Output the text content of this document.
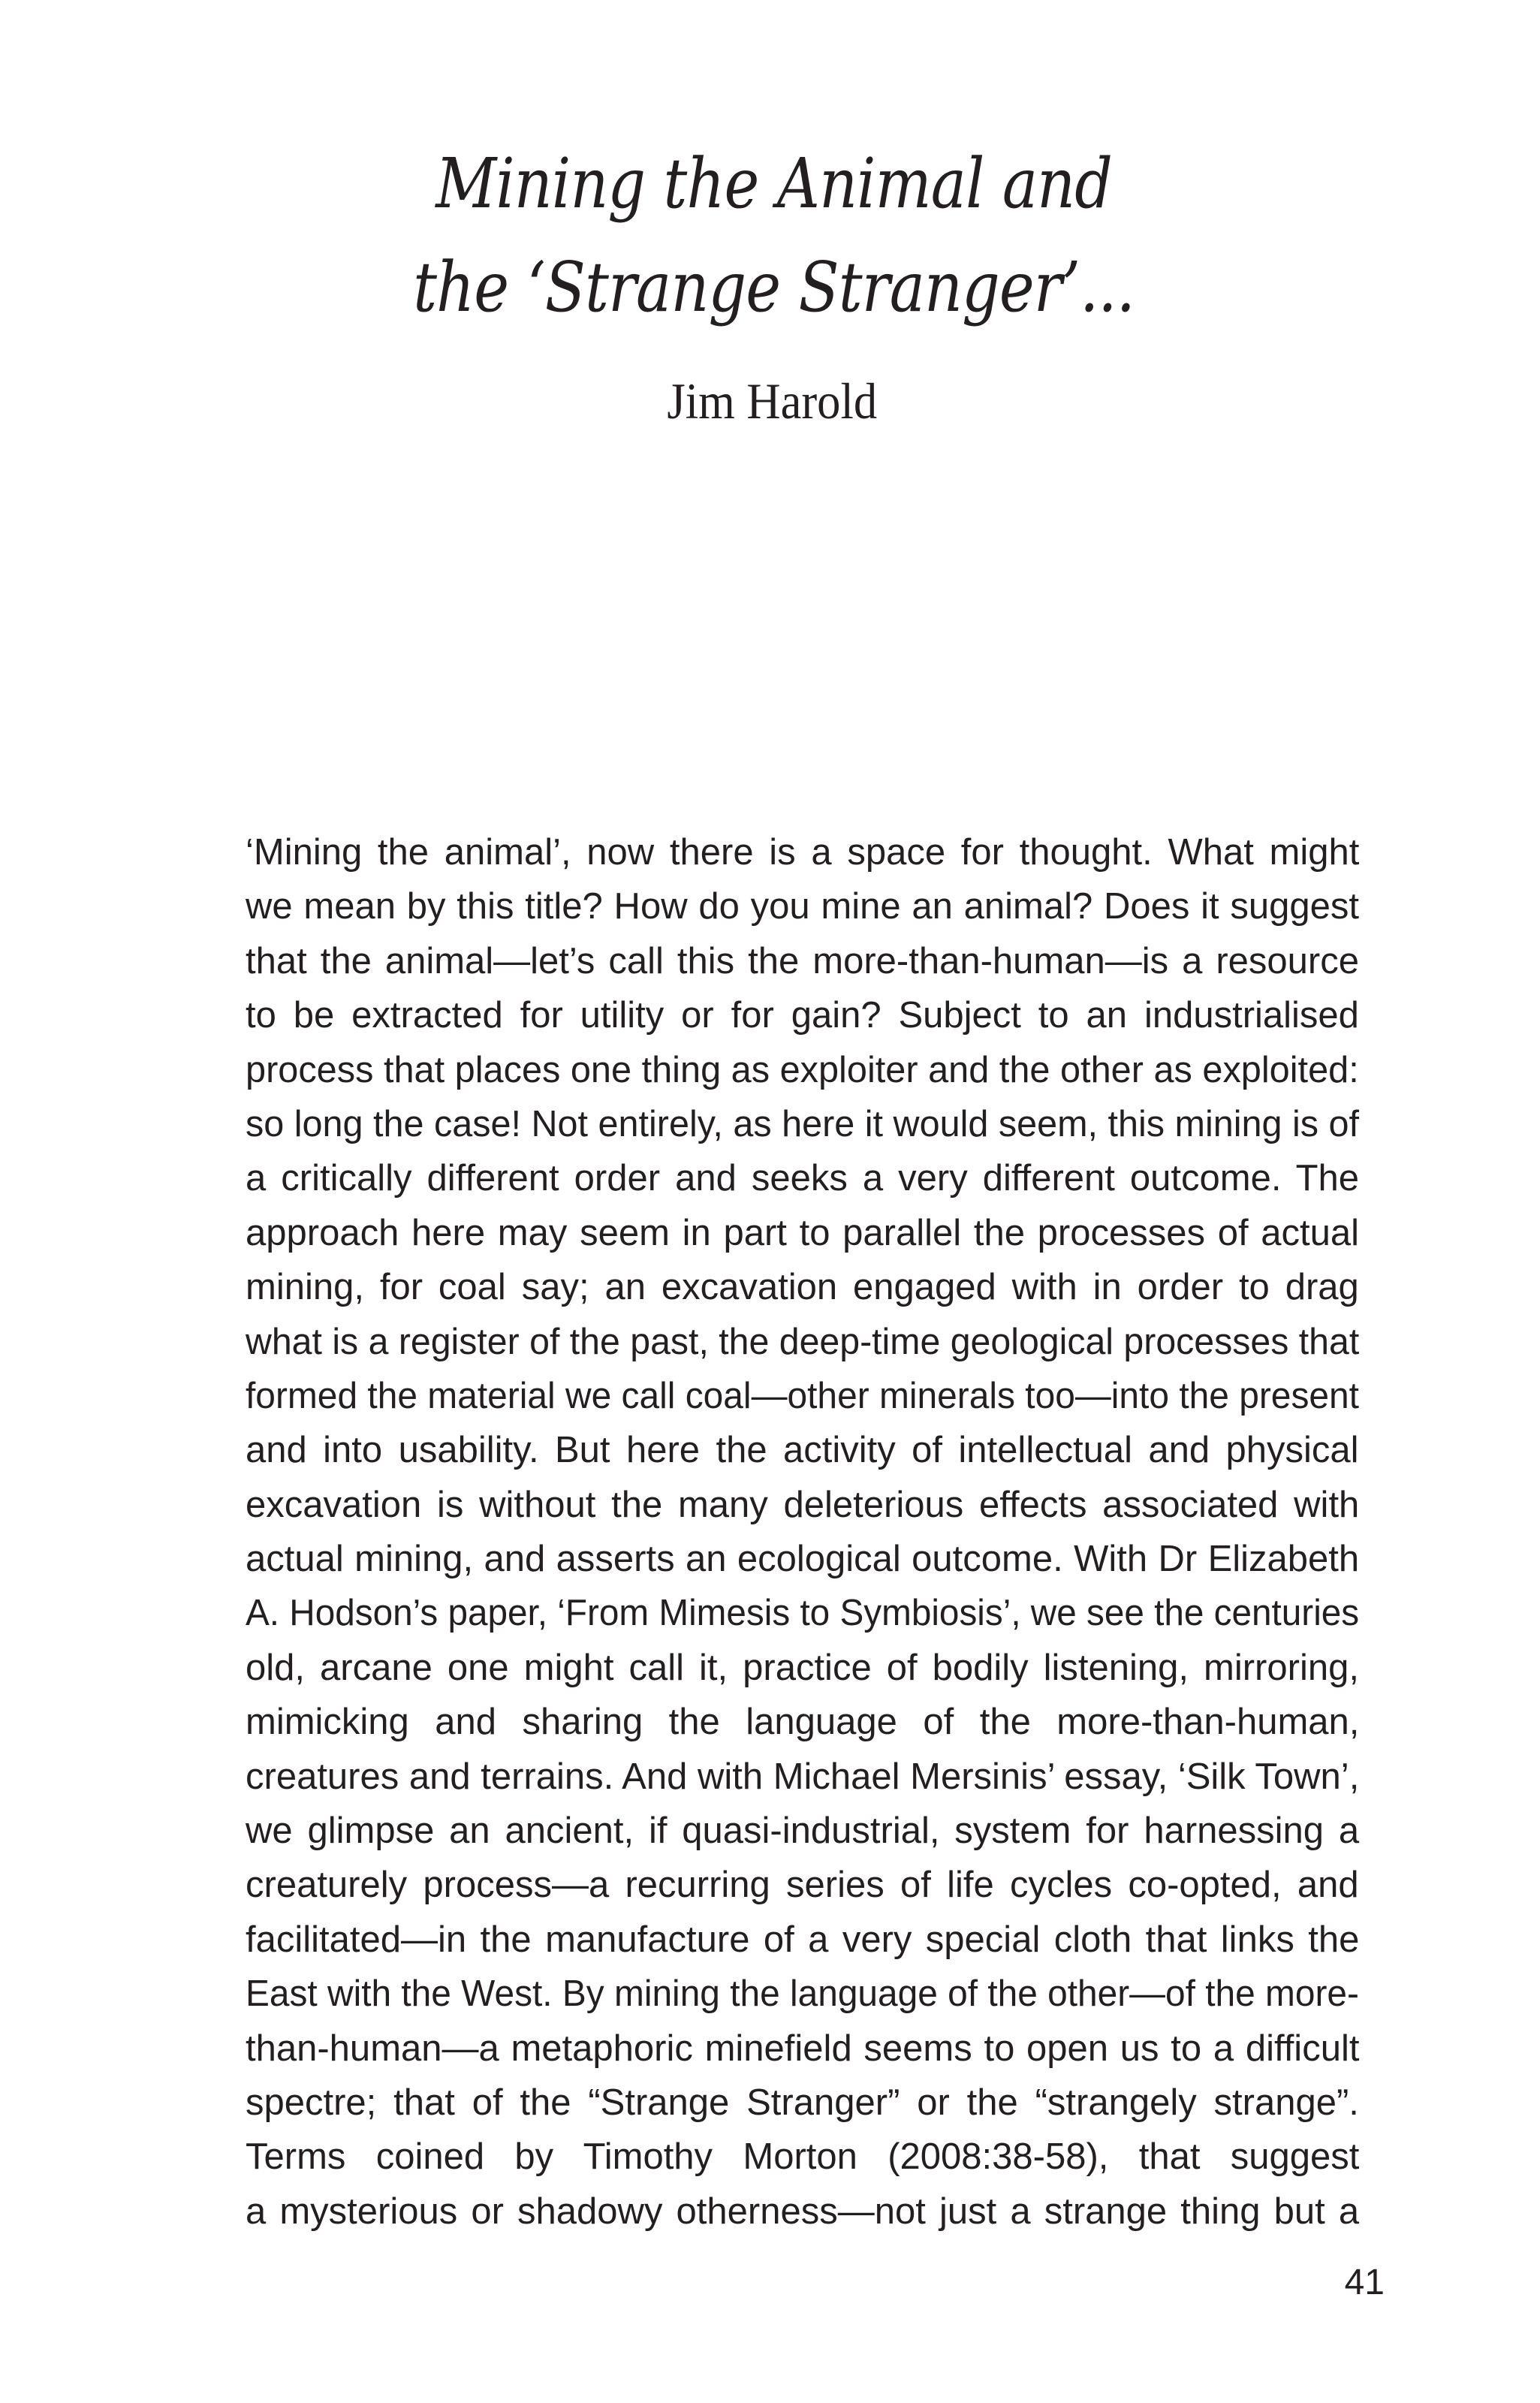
Mining the Animal and
the ‘Strange Stranger’...

Jim Harold

‘Mining the animal’, now there is a space for thought. What might
we mean by this title? How do you mine an animal? Does it suggest
that the animal—let’s call this the more-than-human—is a resource
to be extracted for utility or for gain? Subject to an industrialised
process that places one thing as exploiter and the other as exploited:
so long the case! Not entirely, as here it would seem, this mining is of
a critically different order and seeks a very different outcome. The
approach here may seem in part to parallel the processes of actual
mining, for coal say; an excavation engaged with in order to drag
what is a register of the past, the deep-time geological processes that
formed the material we call coal—other minerals too—into the present
and into usability. But here the activity of intellectual and physical
excavation is without the many deleterious effects associated with
actual mining, and asserts an ecological outcome. With Dr Elizabeth
A. Hodson’s paper, ‘From Mimesis to Symbiosis’, we see the centuries
old, arcane one might call it, practice of bodily listening, mirroring,
mimicking and sharing the language of the more-than-human,
creatures and terrains. And with Michael Mersinis’ essay, ‘Silk Town’,
we glimpse an ancient, if quasi-industrial, system for harnessing a
creaturely process—a recurring series of life cycles co-opted, and
facilitated—in the manufacture of a very special cloth that links the
East with the West. By mining the language of the other—of the more-
than-human—a metaphoric minefield seems to open us to a difficult
spectre; that of the “Strange Stranger” or the “strangely strange”.
Terms coined by Timothy Morton (2008:38-58), that suggest
a mysterious or shadowy otherness—not just a strange thing but a

41
